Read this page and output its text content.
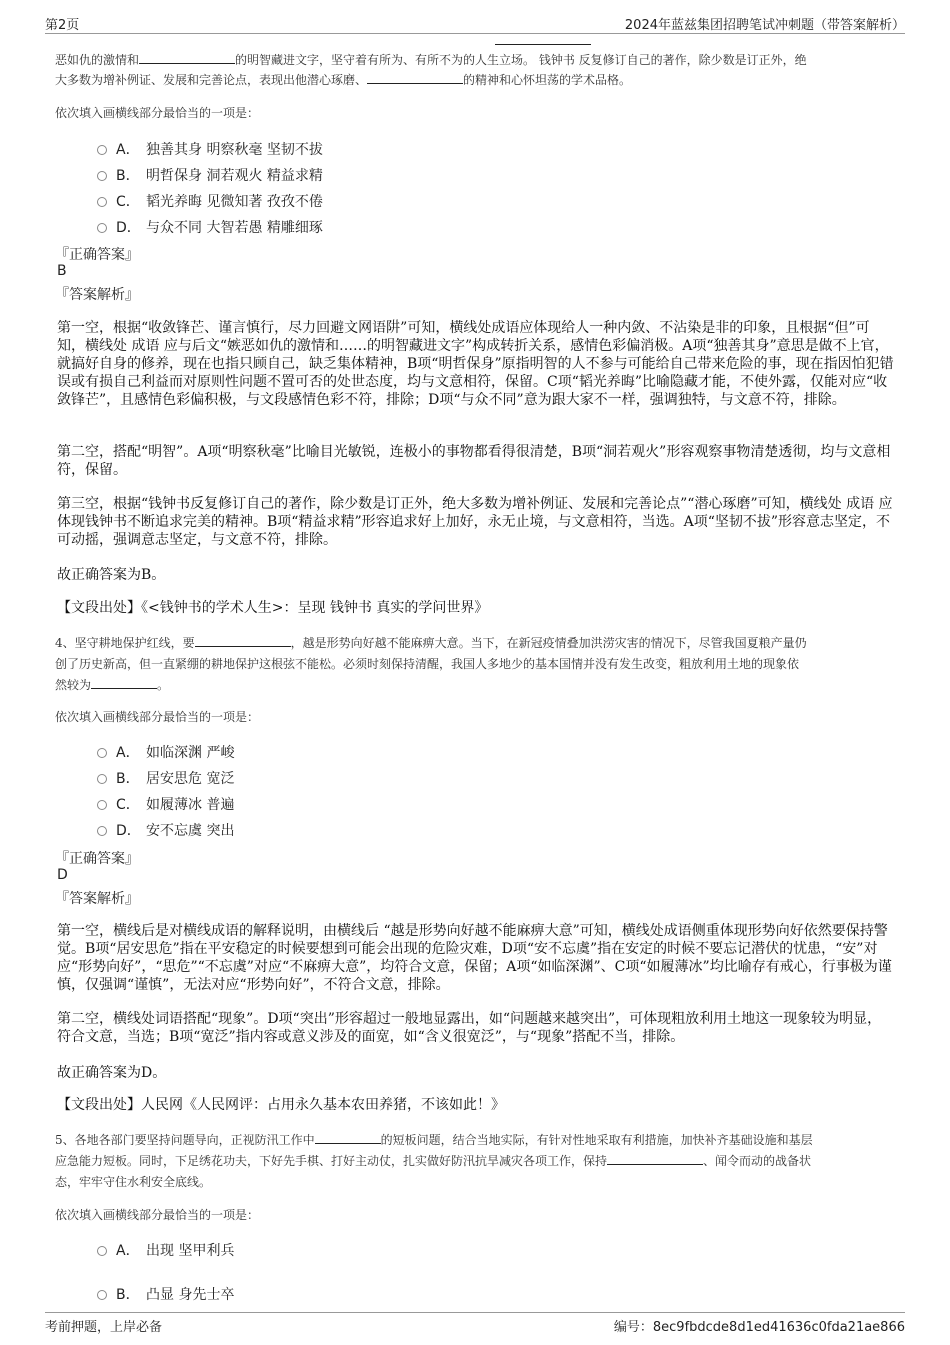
第2页	2024年蓝兹集团招聘笔试冲刺题（带答案解析）
恶如仇的激情和	的明智藏进文字，坚守着有所为、有所不为的人生立场。 钱钟书 反复修订自己的著作，除少数是订正外，绝
大多数为增补例证、发展和完善论点，表现出他潜心琢磨、	的精神和心怀坦荡的学术品格。
依次填入画横线部分最恰当的一项是：
A． 独善其身 明察秋毫 坚韧不拔
B． 明哲保身 洞若观火 精益求精
C． 韬光养晦 见微知著 孜孜不倦
D． 与众不同 大智若愚 精雕细琢
『正确答案』
B
『答案解析』
第一空，根据“收敛锋芒、谨言慎行，尽力回避文网语阱”可知，横线处成语应体现给人一种内敛、不沾染是非的印象，且根据“但”可知，横线处 成语 应与后文“嫉恶如仇的激情和……的明智藏进文字”构成转折关系，感情色彩偏消极。A项“独善其身”意思是做不上官，就搞好自身的修养，现在也指只顾自己，缺乏集体精神，B项“明哲保身”原指明智的人不参与可能给自己带来危险的事，现在指因怕犯错误或有损自己利益而对原则性问题不置可否的处世态度，均与文意相符，保留。C项“韬光养晦”比喻隐藏才能，不使外露，仅能对应“收敛锋芒”，且感情色彩偏积极，与文段感情色彩不符，排除；D项“与众不同”意为跟大家不一样，强调独特，与文意不符，排除。
第二空，搭配“明智”。A项“明察秋毫”比喻目光敏锐，连极小的事物都看得很清楚，B项“洞若观火”形容观察事物清楚透彻，均与文意相符，保留。
第三空，根据“钱钟书反复修订自己的著作，除少数是订正外，绝大多数为增补例证、发展和完善论点”“潜心琢磨”可知，横线处 成语 应体现钱钟书不断追求完美的精神。B项“精益求精”形容追求好上加好，永无止境，与文意相符，当选。A项“坚韧不拔”形容意志坚定，不可动摇，强调意志坚定，与文意不符，排除。
故正确答案为B。
【文段出处】《<钱钟书的学术人生>：呈现 钱钟书 真实的学问世界》
4、坚守耕地保护红线，要	，越是形势向好越不能麻痹大意。当下，在新冠疫情叠加洪涝灾害的情况下，尽管我国夏粮产量仍
创了历史新高，但一直紧绷的耕地保护这根弦不能松。必须时刻保持清醒，我国人多地少的基本国情并没有发生改变，粗放利用土地的现象依
然较为	。
依次填入画横线部分最恰当的一项是：
A． 如临深渊 严峻
B． 居安思危 宽泛
C． 如履薄冰 普遍
D． 安不忘虞 突出
『正确答案』
D
『答案解析』
第一空，横线后是对横线成语的解释说明，由横线后 “越是形势向好越不能麻痹大意”可知，横线处成语侧重体现形势向好依然要保持警觉。B项“居安思危”指在平安稳定的时候要想到可能会出现的危险灾难，D项“安不忘虞”指在安定的时候不要忘记潜伏的忧患，“安”对应“形势向好”，“思危”“不忘虞”对应“不麻痹大意”，均符合文意，保留；A项“如临深渊”、C项“如履薄冰”均比喻存有戒心，行事极为谨慎，仅强调“谨慎”，无法对应“形势向好”，不符合文意，排除。
第二空，横线处词语搭配“现象”。D项“突出”形容超过一般地显露出，如“问题越来越突出”，可体现粗放利用土地这一现象较为明显，符合文意，当选；B项“宽泛”指内容或意义涉及的面宽，如“含义很宽泛”，与“现象”搭配不当，排除。
故正确答案为D。
【文段出处】人民网《人民网评：占用永久基本农田养猪，不该如此！》
5、各地各部门要坚持问题导向，正视防汛工作中	的短板问题，结合当地实际，有针对性地采取有利措施，加快补齐基础设施和基层
应急能力短板。同时，下足绣花功夫，下好先手棋、打好主动仗，扎实做好防汛抗旱减灾各项工作，保持	、闻令而动的战备状
态，牢牢守住水利安全底线。
依次填入画横线部分最恰当的一项是：
A． 出现 坚甲利兵
B． 凸显 身先士卒
考前押题，上岸必备	编号：8ec9fbdcde8d1ed41636c0fda21ae866
